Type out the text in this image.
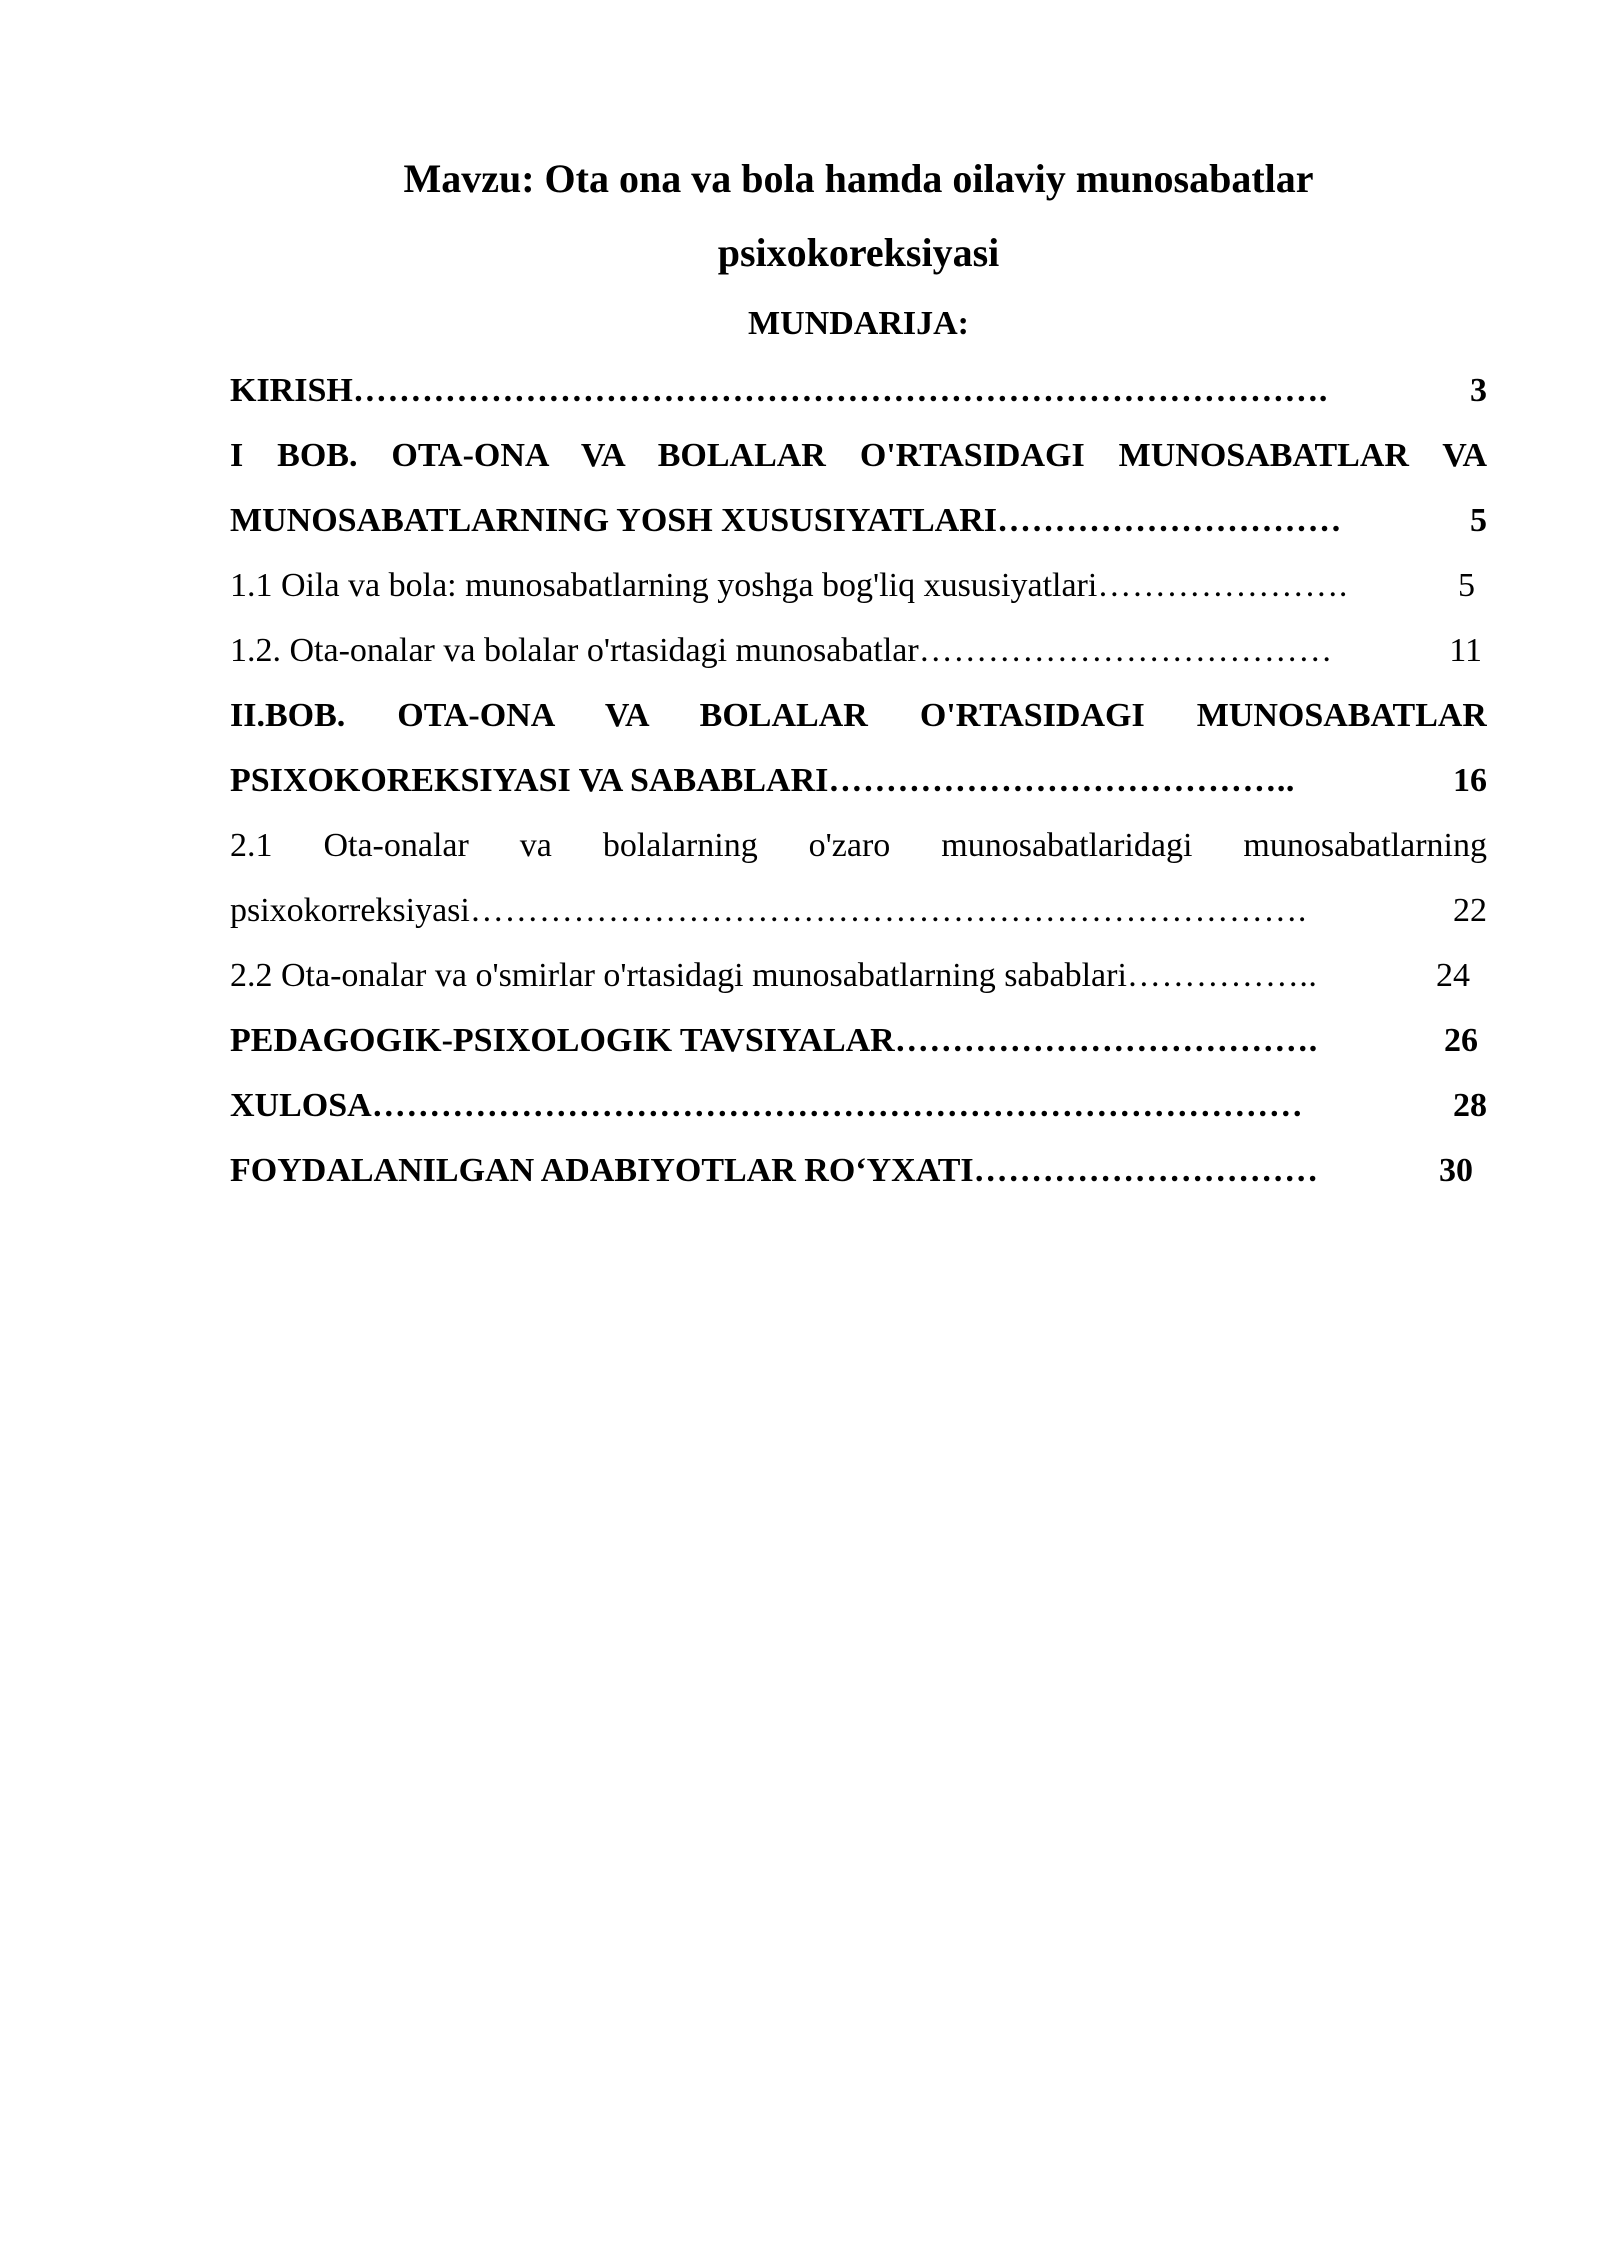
Mavzu: Ota ona va bola hamda oilaviy munosabatlar
psixokoreksiyasi
MUNDARIJA:
KIRISH ………………………………………………………………………….	3
I BOB. OTA-ONA VA BOLALAR O'RTASIDAGI MUNOSABATLAR VA
MUNOSABATLARNING YOSH XUSUSIYATLARI …………………………	5
1.1 Oila va bola: munosabatlarning yoshga bog'liq xususiyatlari ………………….	5
1.2. Ota-onalar va bolalar o'rtasidagi munosabatlar ………………………………	11
II.BOB. OTA-ONA VA BOLALAR O'RTASIDAGI MUNOSABATLAR
PSIXOKOREKSIYASI VA SABABLARI …………………………………..	16
2.1 Ota-onalar va bolalarning o'zaro munosabatlaridagi munosabatlarning
psixokorreksiyasi ……………………………………………………………….	22
2.2 Ota-onalar va o'smirlar o'rtasidagi munosabatlarning sabablari ……………..	24
PEDAGOGIK-PSIXOLOGIK TAVSIYALAR ……………………………….	26
XULOSA ………………………………………………………………………	28
FOYDALANILGAN ADABIYOTLAR RO‘YXATI …………………………	30
